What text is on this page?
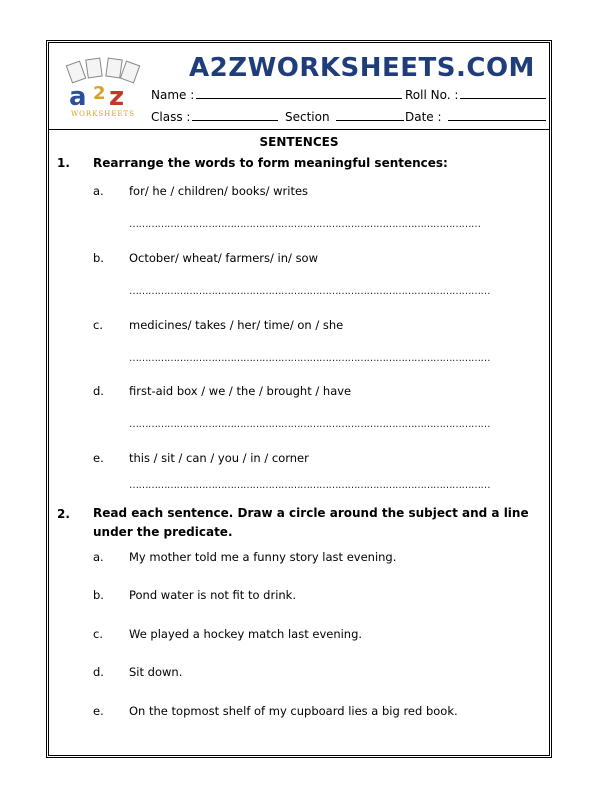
a 2 z
WORKSHEETS
A2ZWORKSHEETS.COM
Name :	Roll No. :
Class :	Section	Date :
SENTENCES
1. Rearrange the words to form meaningful sentences:
a. for/ he / children/ books/ writes
…………………………………………………………………………………………………
b. October/ wheat/ farmers/ in/ sow
……………………………………………………………………………………………………
c. medicines/ takes / her/ time/ on / she
……………………………………………………………………………………………………
d. first-aid box / we / the / brought / have
……………………………………………………………………………………………………
e. this / sit / can / you / in / corner
……………………………………………………………………………………………………
2. Read each sentence. Draw a circle around the subject and a line under the predicate.
a. My mother told me a funny story last evening.
b. Pond water is not fit to drink.
c. We played a hockey match last evening.
d. Sit down.
e. On the topmost shelf of my cupboard lies a big red book.
